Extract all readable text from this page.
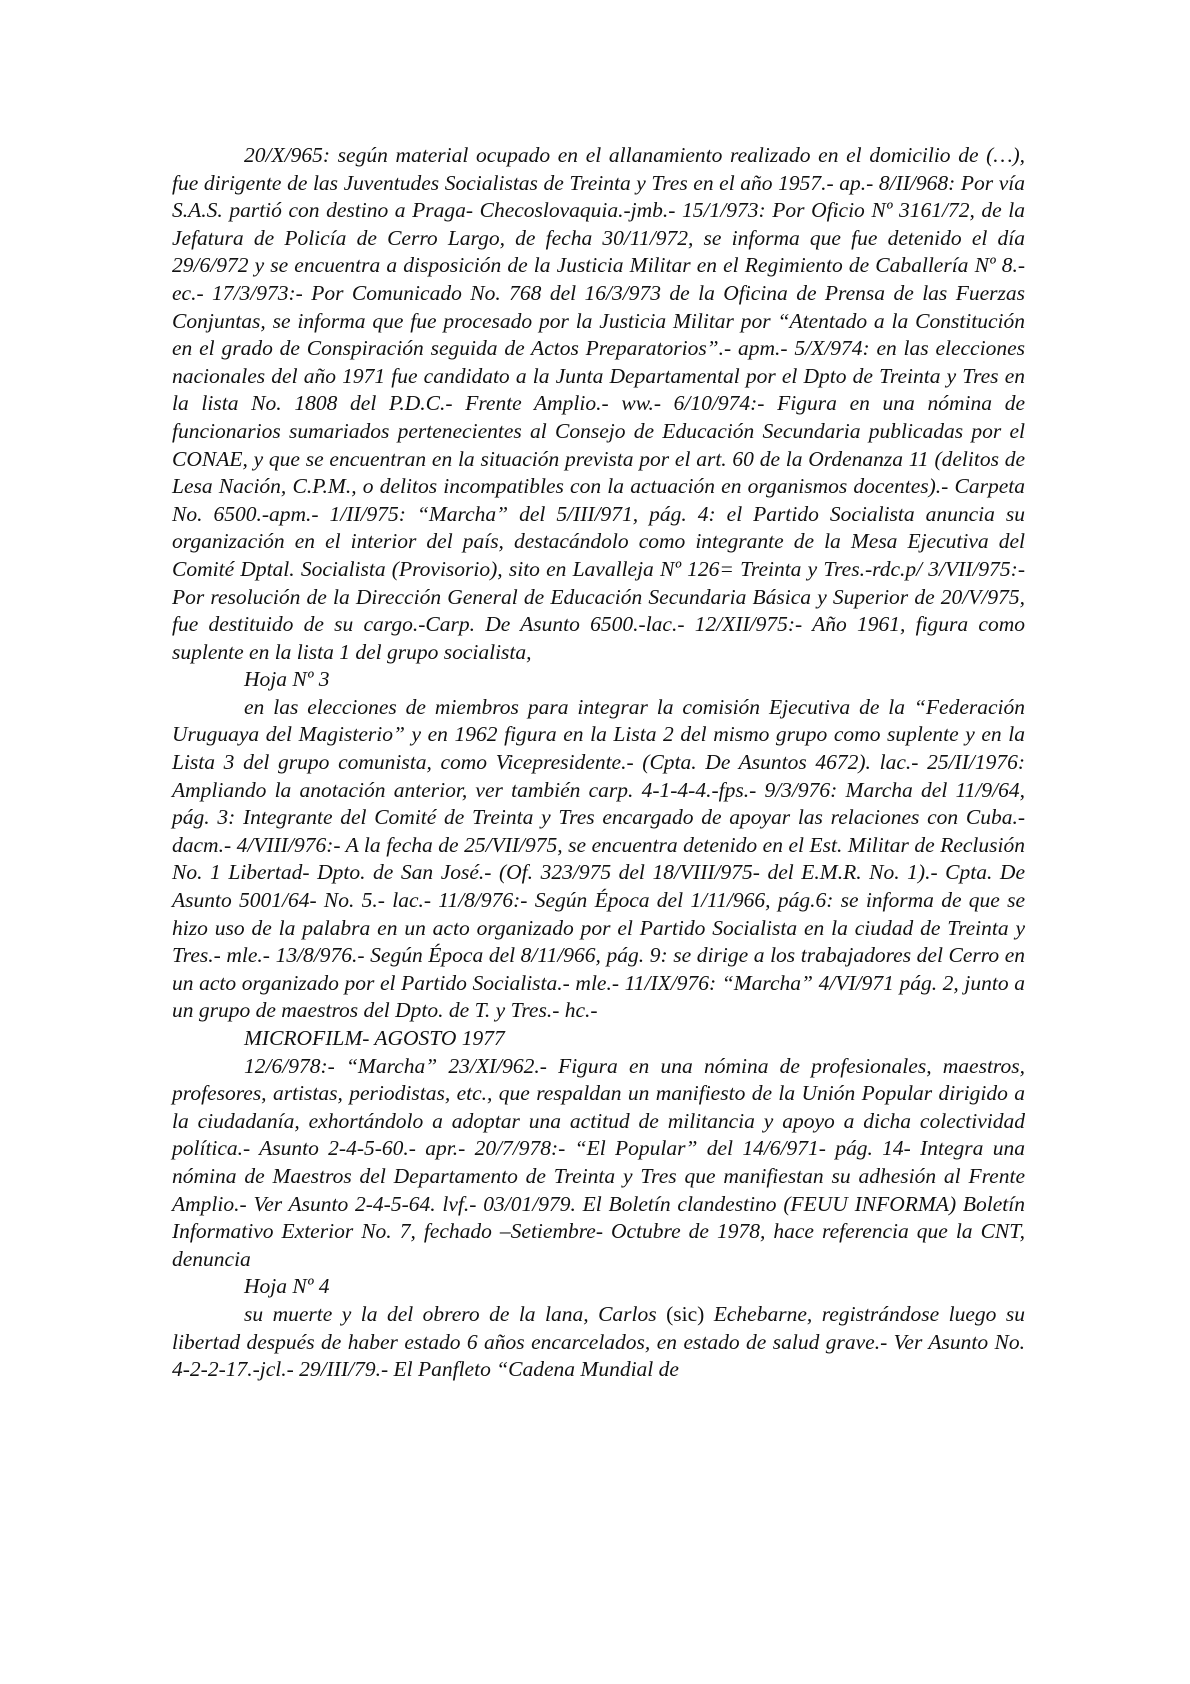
20/X/965: según material ocupado en el allanamiento realizado en el domicilio de (…), fue dirigente de las Juventudes Socialistas de Treinta y Tres en el año 1957.- ap.- 8/II/968: Por vía S.A.S. partió con destino a Praga- Checoslovaquia.-jmb.- 15/1/973: Por Oficio Nº 3161/72, de la Jefatura de Policía de Cerro Largo, de fecha 30/11/972, se informa que fue detenido el día 29/6/972 y se encuentra a disposición de la Justicia Militar en el Regimiento de Caballería Nº 8.- ec.- 17/3/973:- Por Comunicado No. 768 del 16/3/973 de la Oficina de Prensa de las Fuerzas Conjuntas, se informa que fue procesado por la Justicia Militar por “Atentado a la Constitución en el grado de Conspiración seguida de Actos Preparatorios”.- apm.- 5/X/974: en las elecciones nacionales del año 1971 fue candidato a la Junta Departamental por el Dpto de Treinta y Tres en la lista No. 1808 del P.D.C.- Frente Amplio.- ww.- 6/10/974:- Figura en una nómina de funcionarios sumariados pertenecientes al Consejo de Educación Secundaria publicadas por el CONAE, y que se encuentran en la situación prevista por el art. 60 de la Ordenanza 11 (delitos de Lesa Nación, C.P.M., o delitos incompatibles con la actuación en organismos docentes).- Carpeta No. 6500.-apm.- 1/II/975: “Marcha” del 5/III/971, pág. 4: el Partido Socialista anuncia su organización en el interior del país, destacándolo como integrante de la Mesa Ejecutiva del Comité Dptal. Socialista (Provisorio), sito en Lavalleja Nº 126= Treinta y Tres.-rdc.p/ 3/VII/975:- Por resolución de la Dirección General de Educación Secundaria Básica y Superior de 20/V/975, fue destituido de su cargo.-Carp. De Asunto 6500.-lac.- 12/XII/975:- Año 1961, figura como suplente en la lista 1 del grupo socialista,

Hoja Nº 3

en las elecciones de miembros para integrar la comisión Ejecutiva de la “Federación Uruguaya del Magisterio” y en 1962 figura en la Lista 2 del mismo grupo como suplente y en la Lista 3 del grupo comunista, como Vicepresidente.- (Cpta. De Asuntos 4672). lac.- 25/II/1976: Ampliando la anotación anterior, ver también carp. 4-1-4-4.-fps.- 9/3/976: Marcha del 11/9/64, pág. 3: Integrante del Comité de Treinta y Tres encargado de apoyar las relaciones con Cuba.-dacm.- 4/VIII/976:- A la fecha de 25/VII/975, se encuentra detenido en el Est. Militar de Reclusión No. 1 Libertad- Dpto. de San José.- (Of. 323/975 del 18/VIII/975- del E.M.R. No. 1).- Cpta. De Asunto 5001/64- No. 5.- lac.- 11/8/976:- Según Época del 1/11/966, pág.6: se informa de que se hizo uso de la palabra en un acto organizado por el Partido Socialista en la ciudad de Treinta y Tres.- mle.- 13/8/976.- Según Época del 8/11/966, pág. 9: se dirige a los trabajadores del Cerro en un acto organizado por el Partido Socialista.- mle.- 11/IX/976: “Marcha” 4/VI/971 pág. 2, junto a un grupo de maestros del Dpto. de T. y Tres.- hc.-

MICROFILM- AGOSTO 1977

12/6/978:- “Marcha” 23/XI/962.- Figura en una nómina de profesionales, maestros, profesores, artistas, periodistas, etc., que respaldan un manifiesto de la Unión Popular dirigido a la ciudadanía, exhortándolo a adoptar una actitud de militancia y apoyo a dicha colectividad política.- Asunto 2-4-5-60.- apr.- 20/7/978:- “El Popular” del 14/6/971- pág. 14- Integra una nómina de Maestros del Departamento de Treinta y Tres que manifiestan su adhesión al Frente Amplio.- Ver Asunto 2-4-5-64. lvf.- 03/01/979. El Boletín clandestino (FEUU INFORMA) Boletín Informativo Exterior No. 7, fechado –Setiembre- Octubre de 1978, hace referencia que la CNT, denuncia

Hoja Nº 4

su muerte y la del obrero de la lana, Carlos (sic) Echebarne, registrándose luego su libertad después de haber estado 6 años encarcelados, en estado de salud grave.- Ver Asunto No. 4-2-2-17.-jcl.- 29/III/79.- El Panfleto “Cadena Mundial de
